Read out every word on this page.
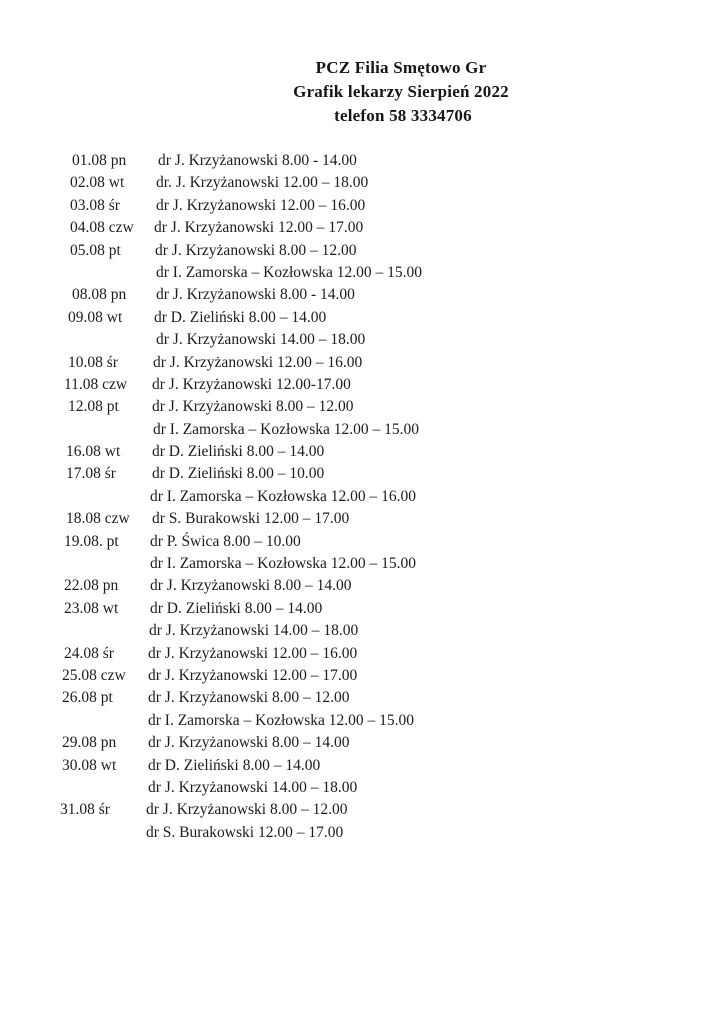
PCZ Filia Smętowo Gr
Grafik lekarzy Sierpień 2022
telefon 58 3334706
01.08 pn dr J. Krzyżanowski 8.00 - 14.00
02.08 wt dr. J. Krzyżanowski 12.00 – 18.00
03.08 śr dr J. Krzyżanowski 12.00 – 16.00
04.08 czw dr J. Krzyżanowski 12.00 – 17.00
05.08 pt dr J. Krzyżanowski 8.00 – 12.00
dr I. Zamorska – Kozłowska 12.00 – 15.00
08.08 pn dr J. Krzyżanowski 8.00 - 14.00
09.08 wt dr D. Zieliński 8.00 – 14.00
dr J. Krzyżanowski 14.00 – 18.00
10.08 śr dr J. Krzyżanowski 12.00 – 16.00
11.08 czw dr J. Krzyżanowski 12.00-17.00
12.08 pt dr J. Krzyżanowski 8.00 – 12.00
dr I. Zamorska – Kozłowska 12.00 – 15.00
16.08 wt dr D. Zieliński 8.00 – 14.00
17.08 śr dr D. Zieliński 8.00 – 10.00
dr I. Zamorska – Kozłowska 12.00 – 16.00
18.08 czw dr S. Burakowski 12.00 – 17.00
19.08. pt dr P. Świca 8.00 – 10.00
dr I. Zamorska – Kozłowska 12.00 – 15.00
22.08 pn dr J. Krzyżanowski 8.00 – 14.00
23.08 wt dr D. Zieliński 8.00 – 14.00
dr J. Krzyżanowski 14.00 – 18.00
24.08 śr dr J. Krzyżanowski 12.00 – 16.00
25.08 czw dr J. Krzyżanowski 12.00 – 17.00
26.08 pt dr J. Krzyżanowski 8.00 – 12.00
dr I. Zamorska – Kozłowska 12.00 – 15.00
29.08 pn dr J. Krzyżanowski 8.00 – 14.00
30.08 wt dr D. Zieliński 8.00 – 14.00
dr J. Krzyżanowski 14.00 – 18.00
31.08 śr dr J. Krzyżanowski 8.00 – 12.00
dr S. Burakowski 12.00 – 17.00
